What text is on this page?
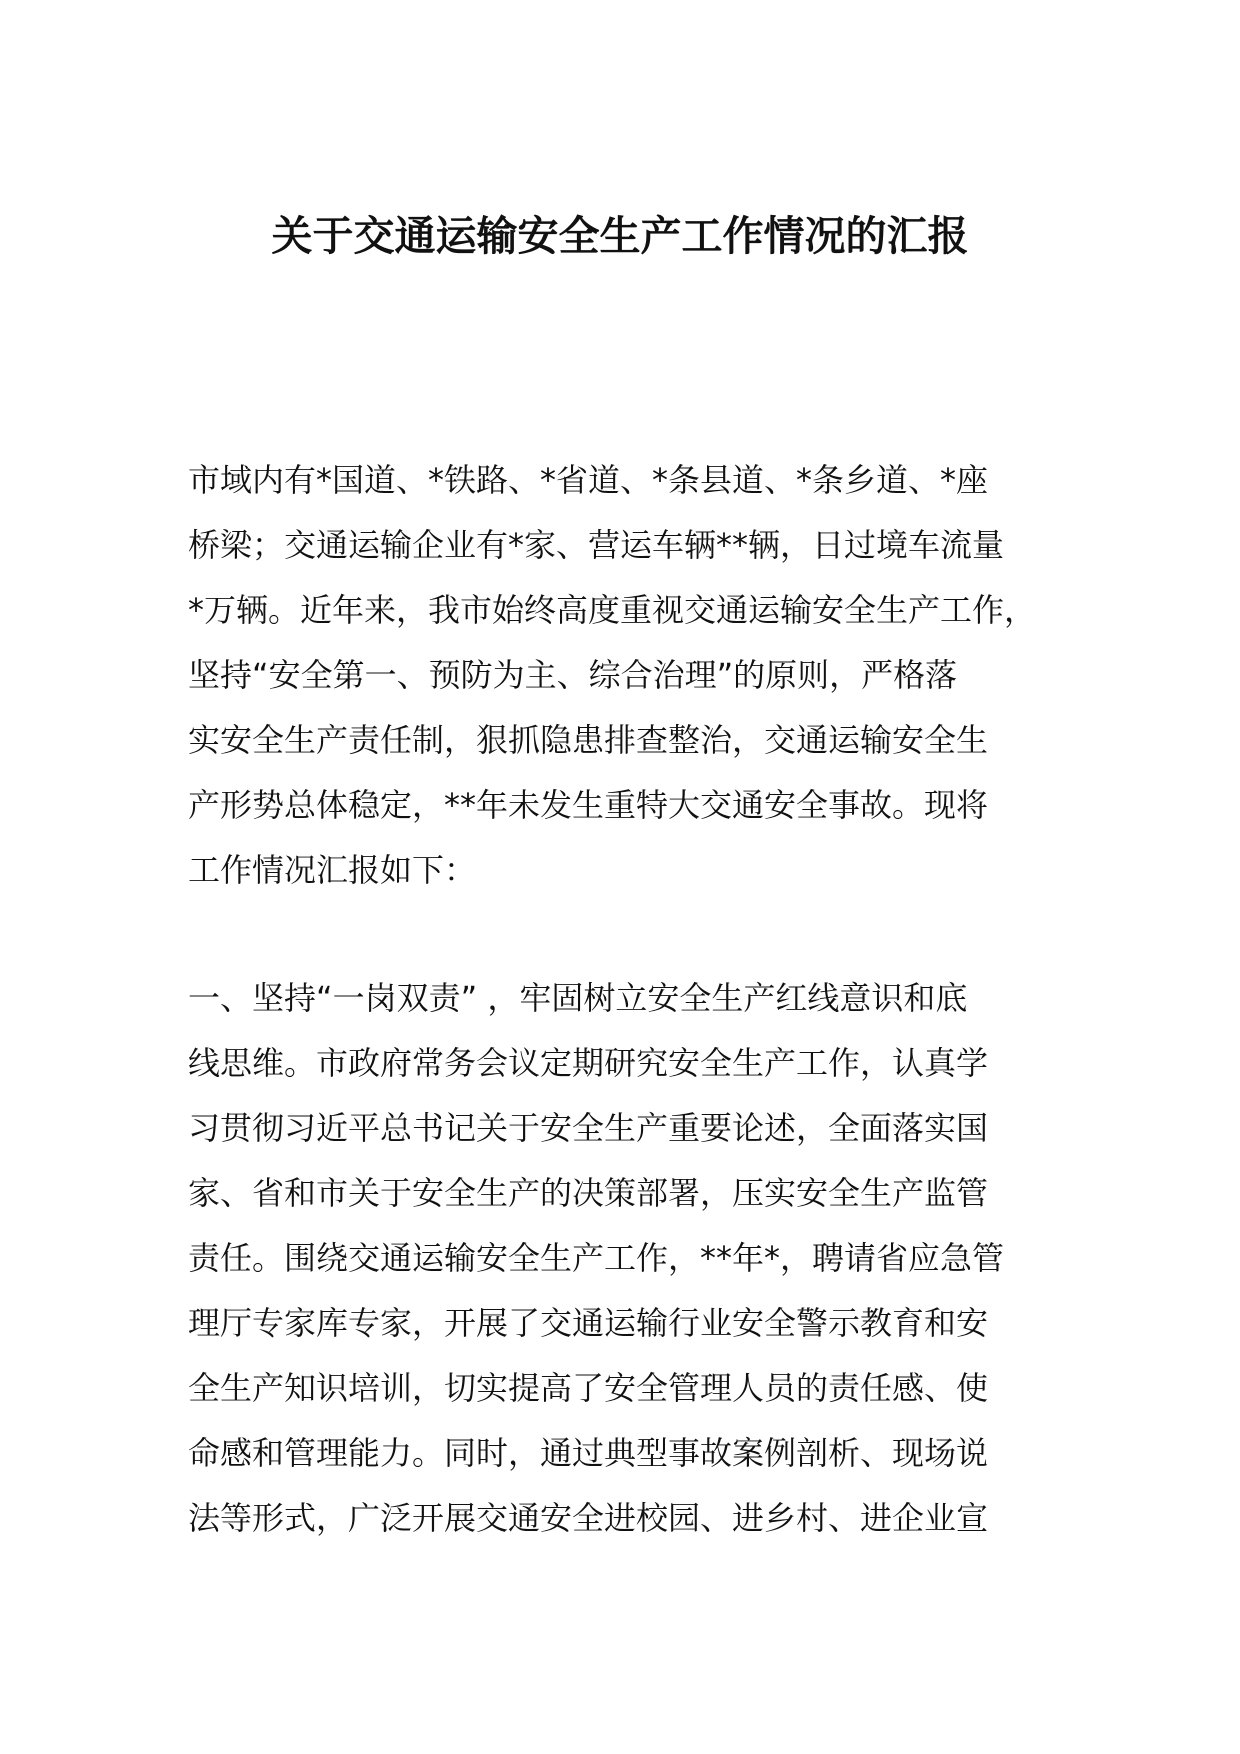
关于交通运输安全生产工作情况的汇报
市域内有*国道、*铁路、*省道、*条县道、*条乡道、*座
桥梁；交通运输企业有*家、营运车辆**辆，日过境车流量
*万辆。近年来，我市始终高度重视交通运输安全生产工作，
坚持“安全第一、预防为主、综合治理”的原则，严格落
实安全生产责任制，狠抓隐患排查整治，交通运输安全生
产形势总体稳定，**年未发生重特大交通安全事故。现将
工作情况汇报如下：
一、坚持“一岗双责” ，牢固树立安全生产红线意识和底
线思维。市政府常务会议定期研究安全生产工作，认真学
习贯彻习近平总书记关于安全生产重要论述，全面落实国
家、省和市关于安全生产的决策部署，压实安全生产监管
责任。围绕交通运输安全生产工作，**年*，聘请省应急管
理厅专家库专家，开展了交通运输行业安全警示教育和安
全生产知识培训，切实提高了安全管理人员的责任感、使
命感和管理能力。同时，通过典型事故案例剖析、现场说
法等形式，广泛开展交通安全进校园、进乡村、进企业宣
